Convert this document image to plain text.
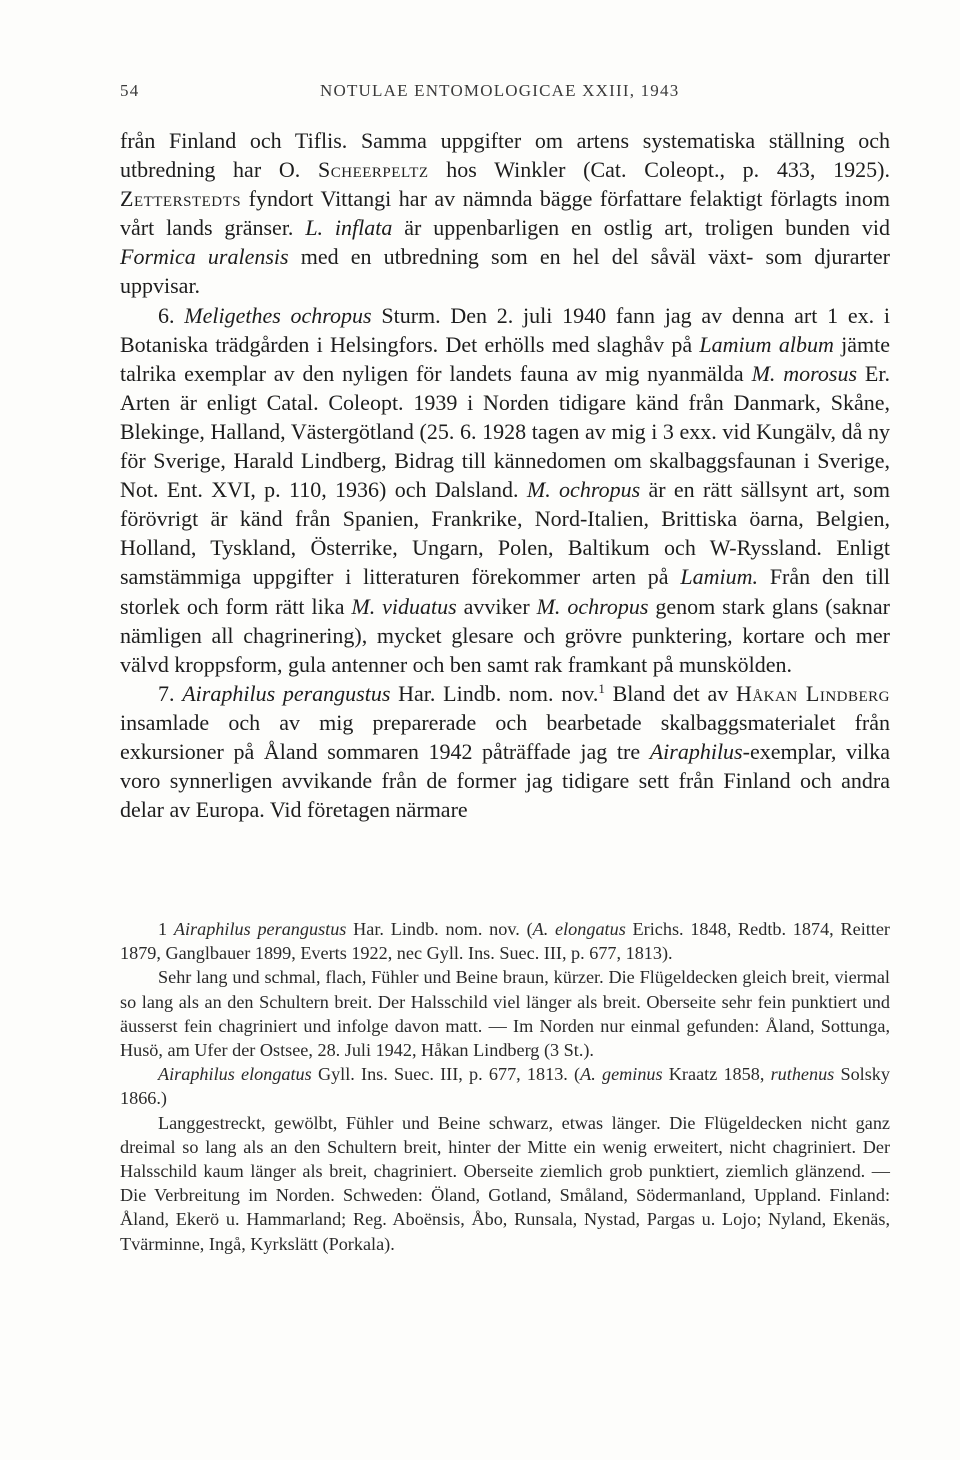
54	NOTULAE ENTOMOLOGICAE XXIII, 1943

från Finland och Tiflis. Samma uppgifter om artens systematiska ställning och utbredning har O. Scheerpeltz hos Winkler (Cat. Coleopt., p. 433, 1925). Zetterstedts fyndort Vittangi har av nämnda bägge författare felaktigt förlagts inom vårt lands gränser. L. inflata är uppenbarligen en ostlig art, troligen bunden vid Formica uralensis med en utbredning som en hel del såväl växt- som djurarter uppvisar.

6. Meligethes ochropus Sturm. Den 2. juli 1940 fann jag av denna art 1 ex. i Botaniska trädgården i Helsingfors. Det erhölls med slaghåv på Lamium album jämte talrika exemplar av den nyligen för landets fauna av mig nyanmälda M. morosus Er. Arten är enligt Catal. Coleopt. 1939 i Norden tidigare känd från Danmark, Skåne, Blekinge, Halland, Västergötland (25. 6. 1928 tagen av mig i 3 exx. vid Kungälv, då ny för Sverige, Harald Lindberg, Bidrag till kännedomen om skalbaggsfaunan i Sverige, Not. Ent. XVI, p. 110, 1936) och Dalsland. M. ochropus är en rätt sällsynt art, som förövrigt är känd från Spanien, Frankrike, Nord-Italien, Brittiska öarna, Belgien, Holland, Tyskland, Österrike, Ungarn, Polen, Baltikum och W-Ryssland. Enligt samstämmiga uppgifter i litteraturen förekommer arten på Lamium. Från den till storlek och form rätt lika M. viduatus avviker M. ochropus genom stark glans (saknar nämligen all chagrinering), mycket glesare och grövre punktering, kortare och mer välvd kroppsform, gula antenner och ben samt rak framkant på munskölden.

7. Airaphilus perangustus Har. Lindb. nom. nov.$^1$ Bland det av Håkan Lindberg insamlade och av mig preparerade och bearbetade skalbaggsmaterialet från exkursioner på Åland sommaren 1942 påträffade jag tre Airaphilus-exemplar, vilka voro synnerligen avvikande från de former jag tidigare sett från Finland och andra delar av Europa. Vid företagen närmare

1 Airaphilus perangustus Har. Lindb. nom. nov. (A. elongatus Erichs. 1848, Redtb. 1874, Reitter 1879, Ganglbauer 1899, Everts 1922, nec Gyll. Ins. Suec. III, p. 677, 1813).

Sehr lang und schmal, flach, Fühler und Beine braun, kürzer. Die Flügeldecken gleich breit, viermal so lang als an den Schultern breit. Der Halsschild viel länger als breit. Oberseite sehr fein punktiert und äusserst fein chagriniert und infolge davon matt. — Im Norden nur einmal gefunden: Åland, Sottunga, Husö, am Ufer der Ostsee, 28. Juli 1942, Håkan Lindberg (3 St.).

Airaphilus elongatus Gyll. Ins. Suec. III, p. 677, 1813. (A. geminus Kraatz 1858, ruthenus Solsky 1866.)

Langgestreckt, gewölbt, Fühler und Beine schwarz, etwas länger. Die Flügeldecken nicht ganz dreimal so lang als an den Schultern breit, hinter der Mitte ein wenig erweitert, nicht chagriniert. Der Halsschild kaum länger als breit, chagriniert. Oberseite ziemlich grob punktiert, ziemlich glänzend. — Die Verbreitung im Norden. Schweden: Öland, Gotland, Småland, Södermanland, Uppland. Finland: Åland, Ekerö u. Hammarland; Reg. Aboënsis, Åbo, Runsala, Nystad, Pargas u. Lojo; Nyland, Ekenäs, Tvärminne, Ingå, Kyrkslätt (Porkala).
